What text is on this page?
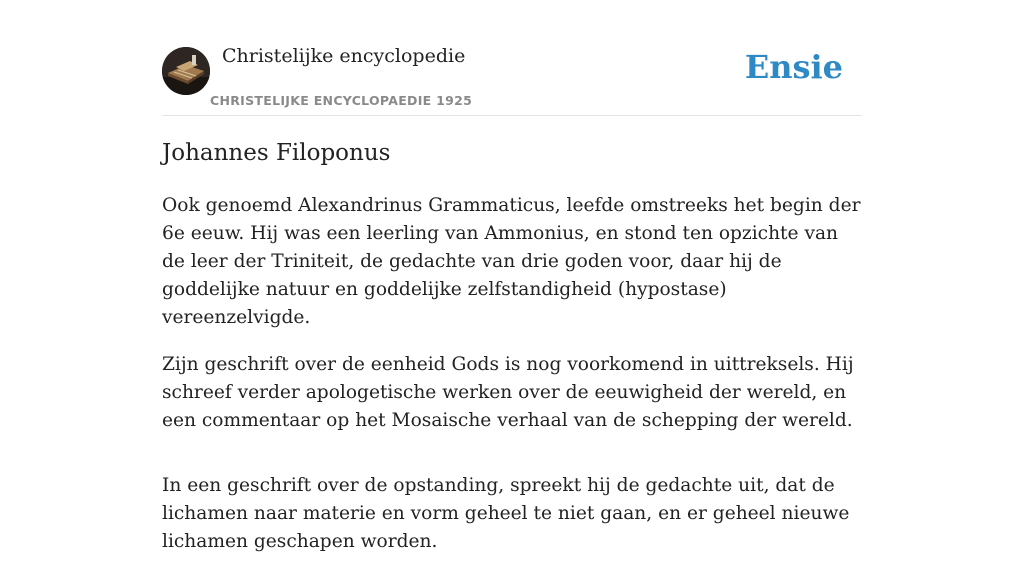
Christelijke encyclopedie
CHRISTELIJKE ENCYCLOPAEDIE 1925
Ensie
Johannes Filoponus

Ook genoemd Alexandrinus Grammaticus, leefde omstreeks het begin der 6e eeuw. Hij was een leerling van Ammonius, en stond ten opzichte van de leer der Triniteit, de gedachte van drie goden voor, daar hij de goddelijke natuur en goddelijke zelfstandigheid (hypostase) vereenzelvigde.

Zijn geschrift over de eenheid Gods is nog voorkomend in uittreksels. Hij schreef verder apologetische werken over de eeuwigheid der wereld, en een commentaar op het Mosaische verhaal van de schepping der wereld.

In een geschrift over de opstanding, spreekt hij de gedachte uit, dat de lichamen naar materie en vorm geheel te niet gaan, en er geheel nieuwe lichamen geschapen worden.
